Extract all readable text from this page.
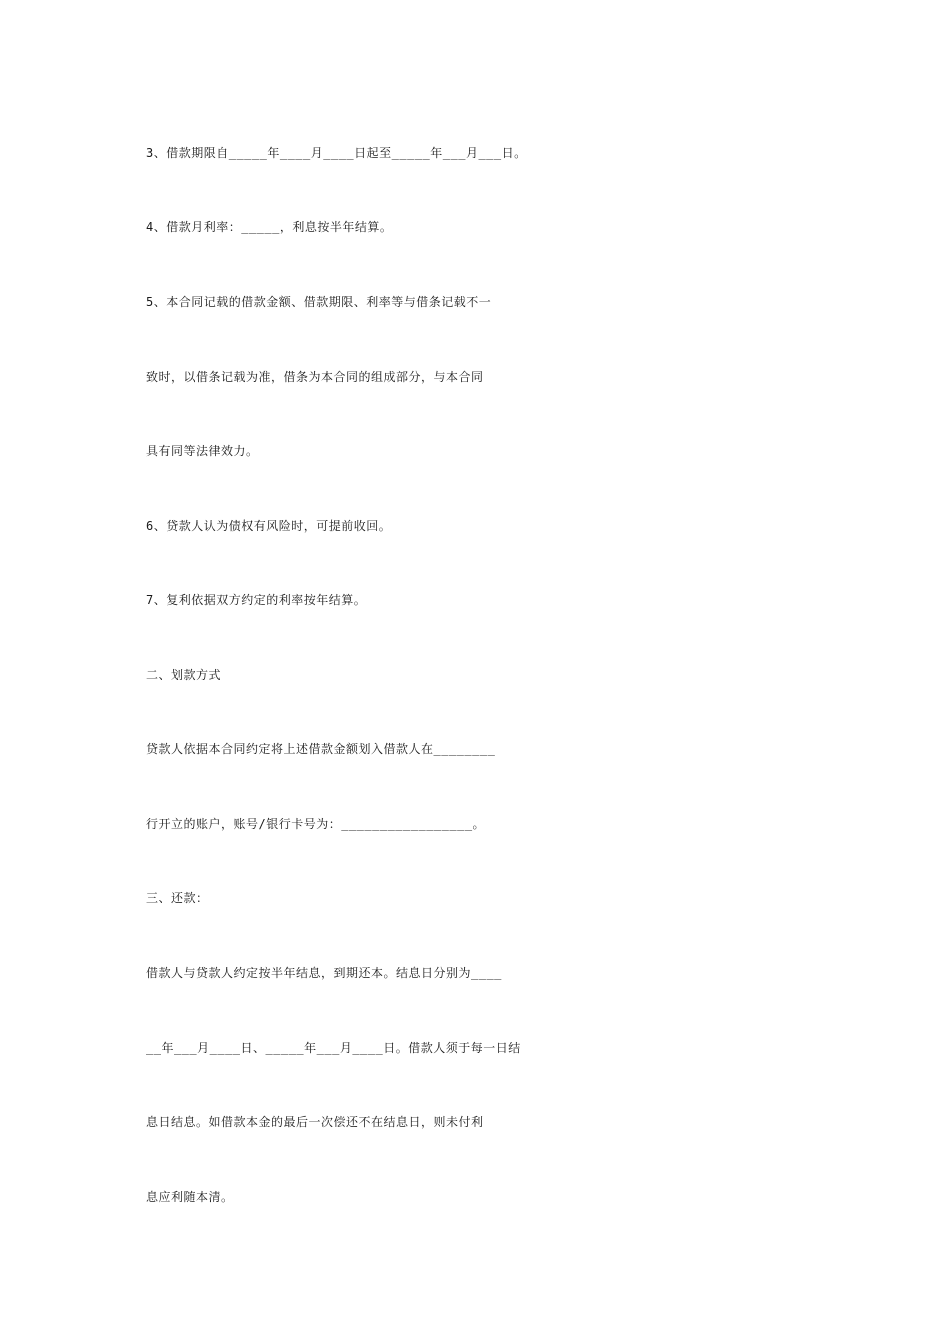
3、借款期限自_____年____月____日起至_____年___月___日。
4、借款月利率：_____，利息按半年结算。
5、本合同记载的借款金额、借款期限、利率等与借条记载不一
致时，以借条记载为准，借条为本合同的组成部分，与本合同
具有同等法律效力。
6、贷款人认为债权有风险时，可提前收回。
7、复利依据双方约定的利率按年结算。
二、划款方式
贷款人依据本合同约定将上述借款金额划入借款人在________
行开立的账户，账号/银行卡号为：_________________。
三、还款：
借款人与贷款人约定按半年结息，到期还本。结息日分别为____
__年___月____日、_____年___月____日。借款人须于每一日结
息日结息。如借款本金的最后一次偿还不在结息日，则未付利
息应利随本清。
